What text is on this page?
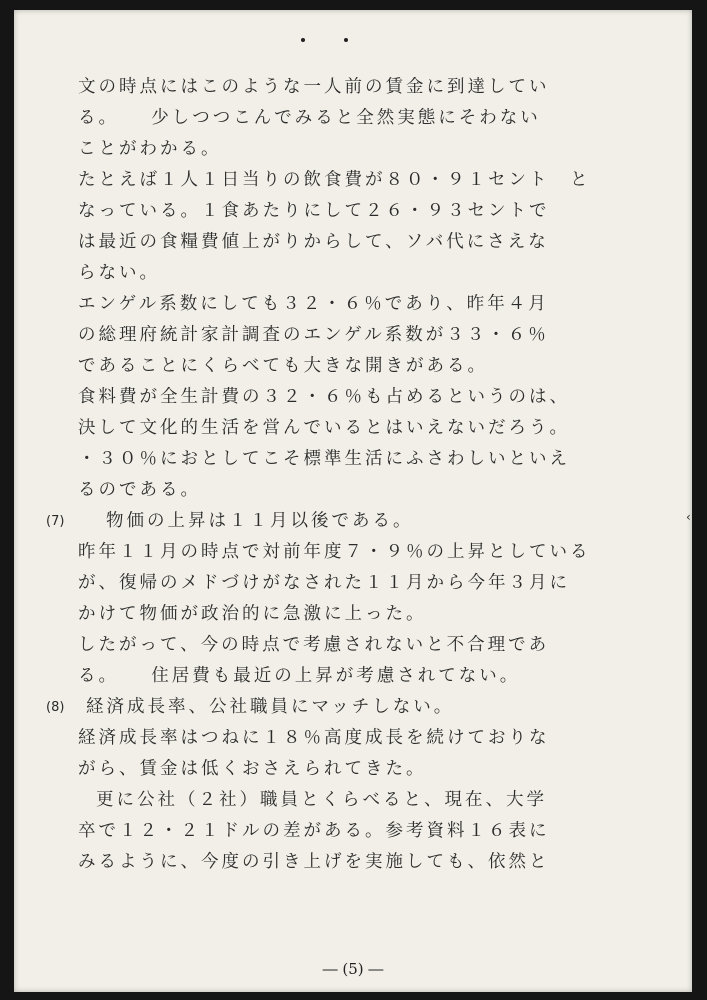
文の時点にはこのような一人前の賃金に到達してい
る。　　少しつつこんでみると全然実態にそわない
ことがわかる。
たとえば１人１日当りの飲食費が８０・９１セント　と
なっている。１食あたりにして２６・９３セントで
は最近の食糧費値上がりからして、ソバ代にさえな
らない。
エンゲル系数にしても３２・６％であり、昨年４月
の総理府統計家計調査のエンゲル系数が３３・６％
であることにくらべても大きな開きがある。
食料費が全生計費の３２・６％も占めるというのは、
決して文化的生活を営んでいるとはいえないだろう。
・３０％におとしてこそ標準生活にふさわしいといえ
るのである。
(7) 物価の上昇は１１月以後である。
昨年１１月の時点で対前年度７・９％の上昇としている
が、復帰のメドづけがなされた１１月から今年３月に
かけて物価が政治的に急激に上った。
したがって、今の時点で考慮されないと不合理であ
る。　　住居費も最近の上昇が考慮されてない。
(8) 経済成長率、公社職員にマッチしない。
経済成長率はつねに１８％高度成長を続けておりな
がら、賃金は低くおさえられてきた。
更に公社（２社）職員とくらべると、現在、大学
卒で１２・２１ドルの差がある。参考資料１６表に
みるように、今度の引き上げを実施しても、依然と
‹
― (5) ―
